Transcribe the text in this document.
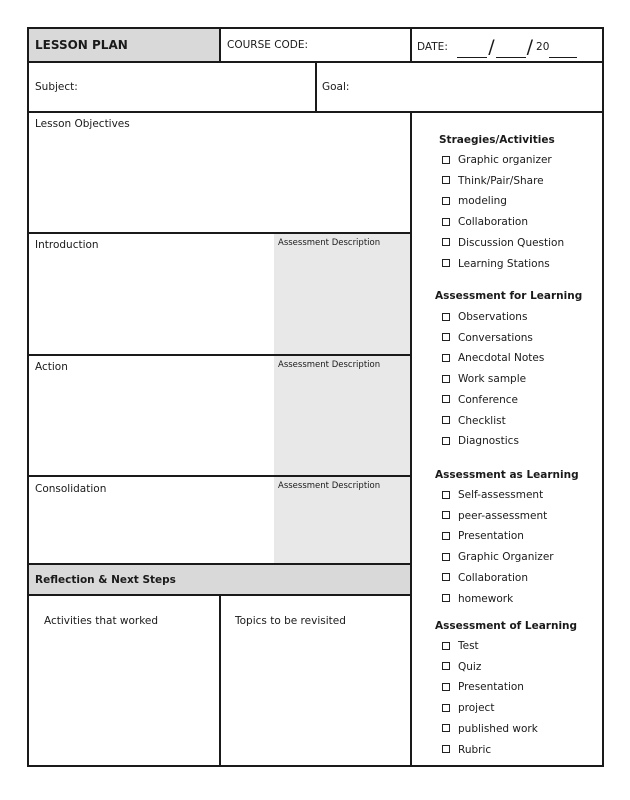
LESSON PLAN	COURSE CODE:	DATE: / / 20
Subject:	Goal:
Lesson Objectives
Introduction	Assessment Description
Action	Assessment Description
Consolidation	Assessment Description
Reflection & Next Steps
Activities that worked	Topics to be revisited
Straegies/Activities
Graphic organizer
Think/Pair/Share
modeling
Collaboration
Discussion Question
Learning Stations
Assessment for Learning
Observations
Conversations
Anecdotal Notes
Work sample
Conference
Checklist
Diagnostics
Assessment as Learning
Self-assessment
peer-assessment
Presentation
Graphic Organizer
Collaboration
homework
Assessment of Learning
Test
Quiz
Presentation
project
published work
Rubric
